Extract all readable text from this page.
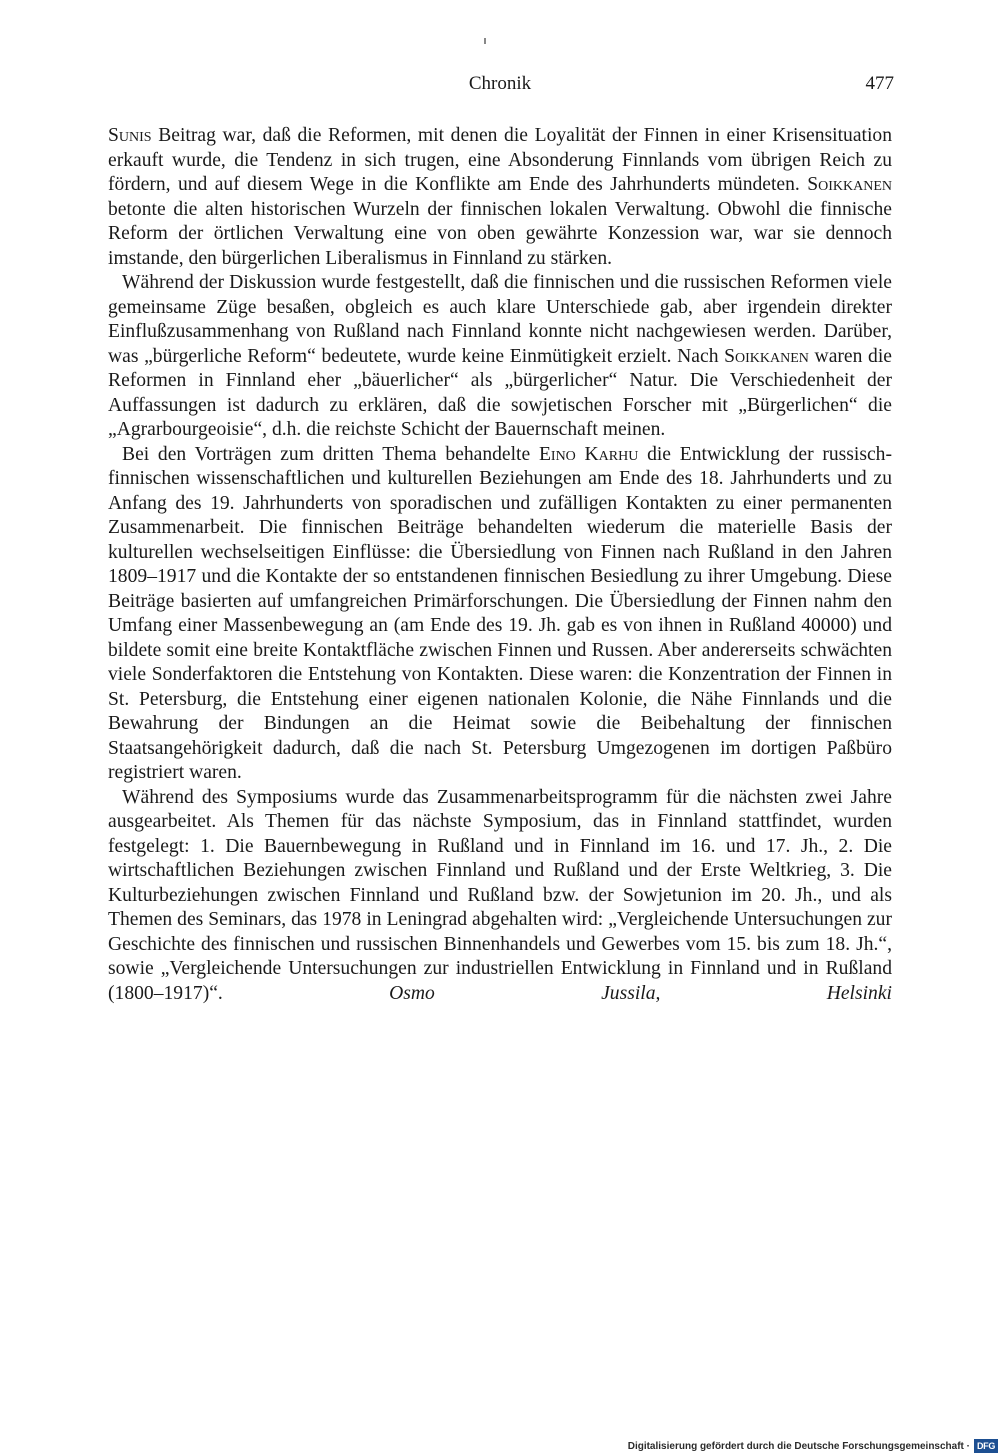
Chronik	477

Sunis Beitrag war, daß die Reformen, mit denen die Loyalität der Finnen in einer Krisensituation erkauft wurde, die Tendenz in sich trugen, eine Absonderung Finnlands vom übrigen Reich zu fördern, und auf diesem Wege in die Konflikte am Ende des Jahrhunderts mündeten. Soikkanen betonte die alten historischen Wurzeln der finnischen lokalen Verwaltung. Obwohl die finnische Reform der örtlichen Verwaltung eine von oben gewährte Konzession war, war sie dennoch imstande, den bürgerlichen Liberalismus in Finnland zu stärken.

Während der Diskussion wurde festgestellt, daß die finnischen und die russischen Reformen viele gemeinsame Züge besaßen, obgleich es auch klare Unterschiede gab, aber irgendein direkter Einflußzusammenhang von Rußland nach Finnland konnte nicht nachgewiesen werden. Darüber, was „bürgerliche Reform“ bedeutete, wurde keine Einmütigkeit erzielt. Nach Soikkanen waren die Reformen in Finnland eher „bäuerlicher“ als „bürgerlicher“ Natur. Die Verschiedenheit der Auffassungen ist dadurch zu erklären, daß die sowjetischen Forscher mit „Bürgerlichen“ die „Agrarbourgeoisie“, d.h. die reichste Schicht der Bauernschaft meinen.

Bei den Vorträgen zum dritten Thema behandelte Eino Karhu die Entwicklung der russisch-finnischen wissenschaftlichen und kulturellen Beziehungen am Ende des 18. Jahrhunderts und zu Anfang des 19. Jahrhunderts von sporadischen und zufälligen Kontakten zu einer permanenten Zusammenarbeit. Die finnischen Beiträge behandelten wiederum die materielle Basis der kulturellen wechselseitigen Einflüsse: die Übersiedlung von Finnen nach Rußland in den Jahren 1809–1917 und die Kontakte der so entstandenen finnischen Besiedlung zu ihrer Umgebung. Diese Beiträge basierten auf umfangreichen Primärforschungen. Die Übersiedlung der Finnen nahm den Umfang einer Massenbewegung an (am Ende des 19. Jh. gab es von ihnen in Rußland 40000) und bildete somit eine breite Kontaktfläche zwischen Finnen und Russen. Aber andererseits schwächten viele Sonderfaktoren die Entstehung von Kontakten. Diese waren: die Konzentration der Finnen in St. Petersburg, die Entstehung einer eigenen nationalen Kolonie, die Nähe Finnlands und die Bewahrung der Bindungen an die Heimat sowie die Beibehaltung der finnischen Staatsangehörigkeit dadurch, daß die nach St. Petersburg Umgezogenen im dortigen Paßbüro registriert waren.

Während des Symposiums wurde das Zusammenarbeitsprogramm für die nächsten zwei Jahre ausgearbeitet. Als Themen für das nächste Symposium, das in Finnland stattfindet, wurden festgelegt: 1. Die Bauernbewegung in Rußland und in Finnland im 16. und 17. Jh., 2. Die wirtschaftlichen Beziehungen zwischen Finnland und Rußland und der Erste Weltkrieg, 3. Die Kulturbeziehungen zwischen Finnland und Rußland bzw. der Sowjetunion im 20. Jh., und als Themen des Seminars, das 1978 in Leningrad abgehalten wird: „Vergleichende Untersuchungen zur Geschichte des finnischen und russischen Binnenhandels und Gewerbes vom 15. bis zum 18. Jh.“, sowie „Vergleichende Untersuchungen zur industriellen Entwicklung in Finnland und in Rußland (1800–1917)“.	Osmo Jussila, Helsinki

Digitalisierung gefördert durch die Deutsche Forschungsgemeinschaft · DFG
